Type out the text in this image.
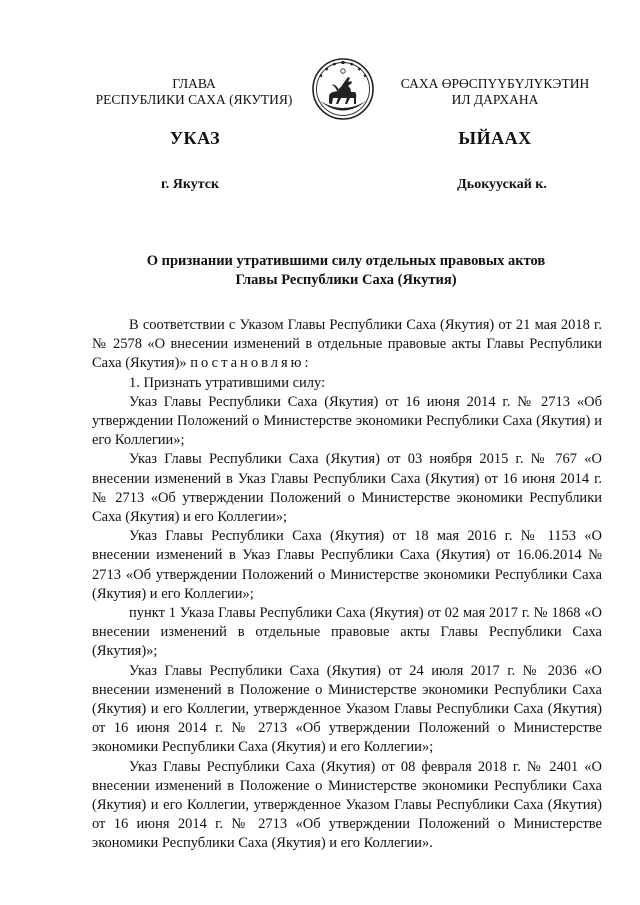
ГЛАВА
РЕСПУБЛИКИ САХА (ЯКУТИЯ)
САХА ӨРӨСПҮҮБҮЛҮКЭТИН
ИЛ ДАРХАНА
УКАЗ	ЫЙААХ
г. Якутск	Дьокуускай к.
О признании утратившими силу отдельных правовых актов
Главы Республики Саха (Якутия)

В соответствии с Указом Главы Республики Саха (Якутия) от 21 мая 2018 г. № 2578 «О внесении изменений в отдельные правовые акты Главы Республики Саха (Якутия)» постановляю:

1. Признать утратившими силу:

Указ Главы Республики Саха (Якутия) от 16 июня 2014 г. № 2713 «Об утверждении Положений о Министерстве экономики Республики Саха (Якутия) и его Коллегии»;

Указ Главы Республики Саха (Якутия) от 03 ноября 2015 г. № 767 «О внесении изменений в Указ Главы Республики Саха (Якутия) от 16 июня 2014 г. № 2713 «Об утверждении Положений о Министерстве экономики Республики Саха (Якутия) и его Коллегии»;

Указ Главы Республики Саха (Якутия) от 18 мая 2016 г. № 1153 «О внесении изменений в Указ Главы Республики Саха (Якутия) от 16.06.2014 № 2713 «Об утверждении Положений о Министерстве экономики Республики Саха (Якутия) и его Коллегии»;

пункт 1 Указа Главы Республики Саха (Якутия) от 02 мая 2017 г. № 1868 «О внесении изменений в отдельные правовые акты Главы Республики Саха (Якутия)»;

Указ Главы Республики Саха (Якутия) от 24 июля 2017 г. № 2036 «О внесении изменений в Положение о Министерстве экономики Республики Саха (Якутия) и его Коллегии, утвержденное Указом Главы Республики Саха (Якутия) от 16 июня 2014 г. № 2713 «Об утверждении Положений о Министерстве экономики Республики Саха (Якутия) и его Коллегии»;

Указ Главы Республики Саха (Якутия) от 08 февраля 2018 г. № 2401 «О внесении изменений в Положение о Министерстве экономики Республики Саха (Якутия) и его Коллегии, утвержденное Указом Главы Республики Саха (Якутия) от 16 июня 2014 г. № 2713 «Об утверждении Положений о Министерстве экономики Республики Саха (Якутия) и его Коллегии».
